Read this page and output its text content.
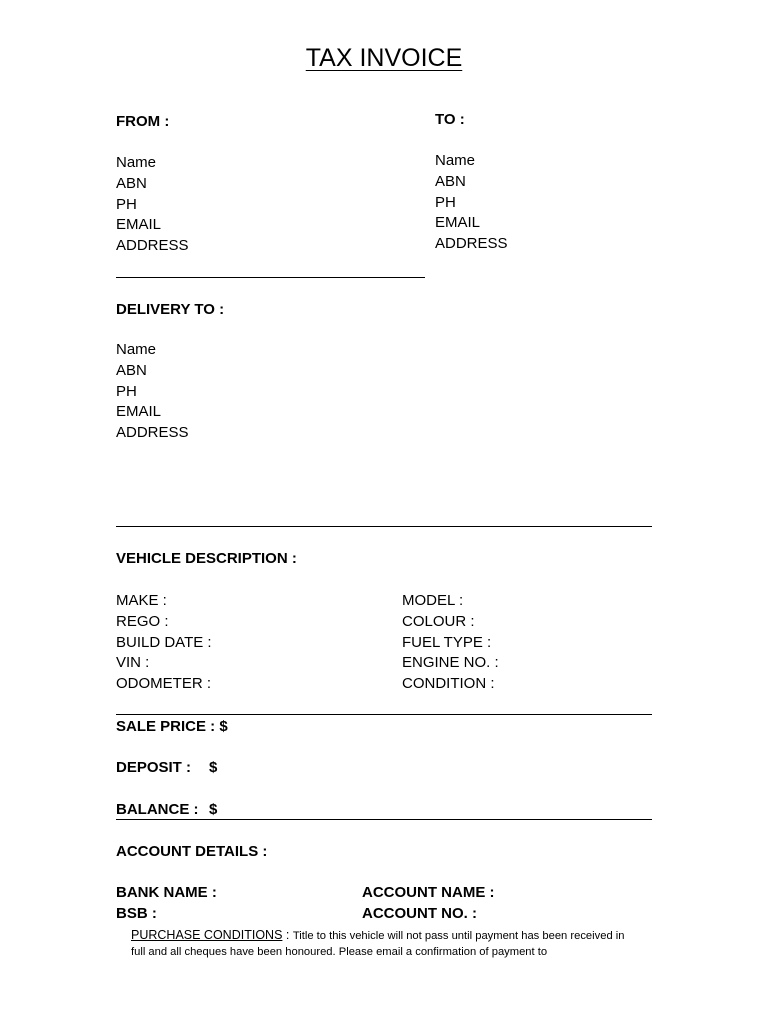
TAX INVOICE
FROM :
Name
ABN
PH
EMAIL
ADDRESS
TO :
Name
ABN
PH
EMAIL
ADDRESS
DELIVERY TO :
Name
ABN
PH
EMAIL
ADDRESS
VEHICLE DESCRIPTION :
MAKE :
REGO :
BUILD DATE :
VIN :
ODOMETER :
MODEL :
COLOUR :
FUEL TYPE :
ENGINE NO. :
CONDITION :
SALE PRICE : $
DEPOSIT : $
BALANCE : $
ACCOUNT DETAILS :
BANK NAME :
BSB :
ACCOUNT NAME :
ACCOUNT NO. :
PURCHASE CONDITIONS : Title to this vehicle will not pass until payment has been received in
full and all cheques have been honoured. Please email a confirmation of payment to
